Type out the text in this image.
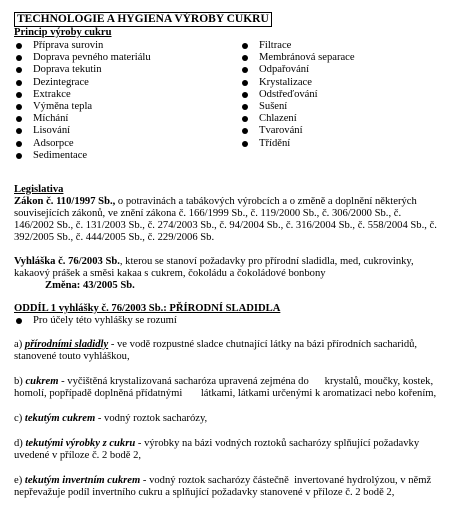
TECHNOLOGIE A HYGIENA VÝROBY CUKRU
Princip výroby cukru
Příprava surovin
Doprava pevného materiálu
Doprava tekutin
Dezintegrace
Extrakce
Výměna tepla
Míchání
Lisování
Adsorpce
Sedimentace
Filtrace
Membránová separace
Odpařování
Krystalizace
Odstřeďování
Sušení
Chlazení
Tvarování
Třídění
Legislativa

Zákon č. 110/1997 Sb., o potravinách a tabákových výrobcích a o změně a doplnění některých
souvisejících zákonů, ve znění zákona č. 166/1999 Sb., č. 119/2000 Sb., č. 306/2000 Sb., č.
146/2002 Sb., č. 131/2003 Sb., č. 274/2003 Sb., č. 94/2004 Sb., č. 316/2004 Sb., č. 558/2004 Sb., č.
392/2005 Sb., č. 444/2005 Sb., č. 229/2006 Sb.

Vyhláška č. 76/2003 Sb., kterou se stanoví požadavky pro přírodní sladidla, med, cukrovinky,
kakaový prášek a směsi kakaa s cukrem, čokoládu a čokoládové bonbony

Změna: 43/2005 Sb.
ODDÍL 1 vyhlášky č. 76/2003 Sb.: PŘÍRODNÍ SLADIDLA
Pro účely této vyhlášky se rozumí

a) přírodními sladidly - ve vodě rozpustné sladce chutnající látky na bázi přírodních sacharidů,
stanovené touto vyhláškou,

b) cukrem - vyčištěná krystalizovaná sacharóza upravená zejména do      krystalů, moučky, kostek,
homolí, popřípadě doplněná přídatnými       látkami, látkami určenými k aromatizaci nebo kořením,

c) tekutým cukrem - vodný roztok sacharózy,

d) tekutými výrobky z cukru - výrobky na bázi vodných roztoků sacharózy splňující požadavky
uvedené v příloze č. 2 bodě 2,

e) tekutým invertním cukrem - vodný roztok sacharózy částečně  invertované hydrolýzou, v němž
nepřevažuje podíl invertního cukru a splňující požadavky stanovené v příloze č. 2 bodě 2,
